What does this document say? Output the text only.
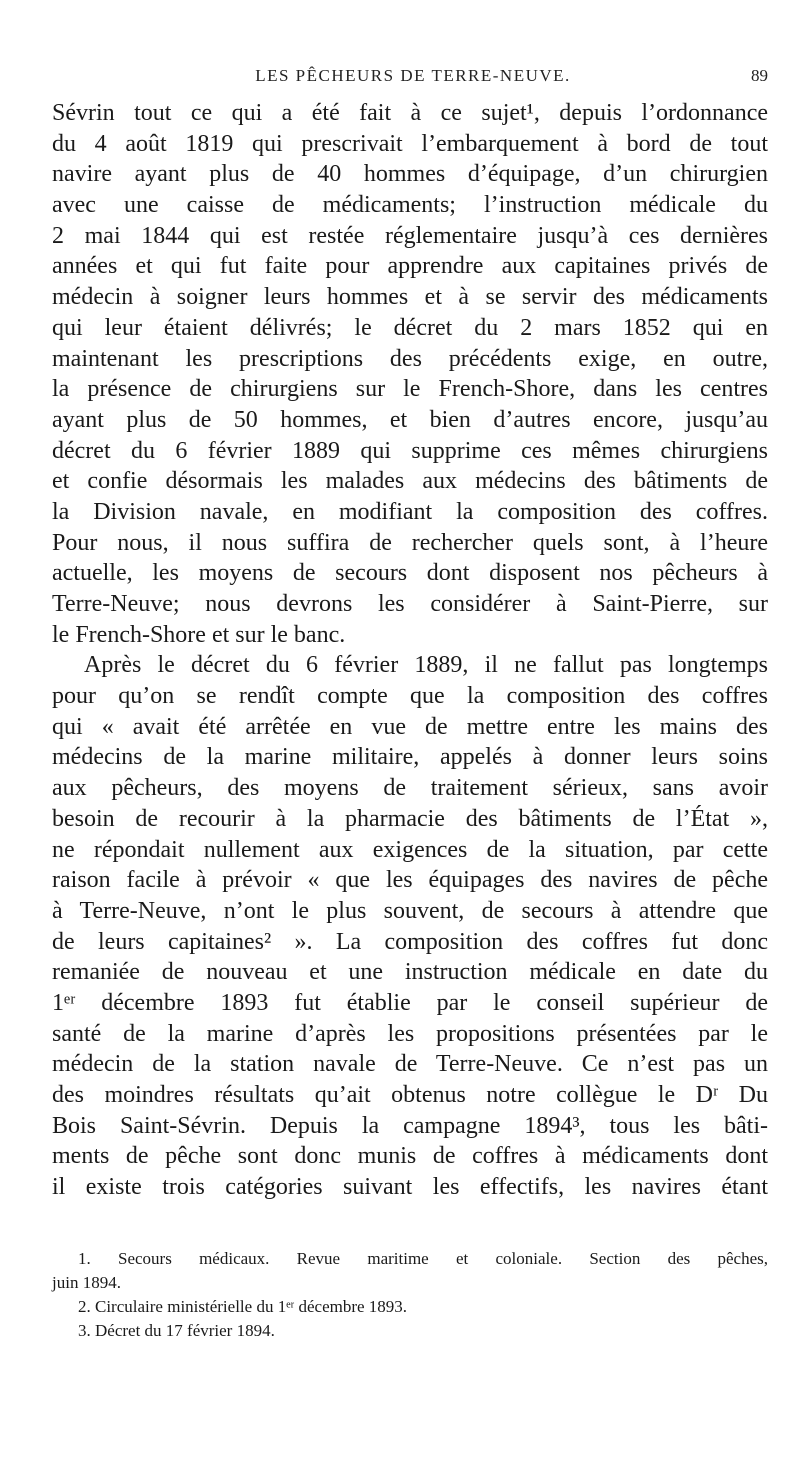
LES PÊCHEURS DE TERRE-NEUVE.	89
Sévrin tout ce qui a été fait à ce sujet¹, depuis l’ordonnance
du 4 août 1819 qui prescrivait l’embarquement à bord de tout
navire ayant plus de 40 hommes d’équipage, d’un chirurgien
avec une caisse de médicaments; l’instruction médicale du
2 mai 1844 qui est restée réglementaire jusqu’à ces dernières
années et qui fut faite pour apprendre aux capitaines privés de
médecin à soigner leurs hommes et à se servir des médicaments
qui leur étaient délivrés; le décret du 2 mars 1852 qui en
maintenant les prescriptions des précédents exige, en outre,
la présence de chirurgiens sur le French-Shore, dans les centres
ayant plus de 50 hommes, et bien d’autres encore, jusqu’au
décret du 6 février 1889 qui supprime ces mêmes chirurgiens
et confie désormais les malades aux médecins des bâtiments de
la Division navale, en modifiant la composition des coffres.
Pour nous, il nous suffira de rechercher quels sont, à l’heure
actuelle, les moyens de secours dont disposent nos pêcheurs à
Terre-Neuve; nous devrons les considérer à Saint-Pierre, sur
le French-Shore et sur le banc.
Après le décret du 6 février 1889, il ne fallut pas longtemps
pour qu’on se rendît compte que la composition des coffres
qui « avait été arrêtée en vue de mettre entre les mains des
médecins de la marine militaire, appelés à donner leurs soins
aux pêcheurs, des moyens de traitement sérieux, sans avoir
besoin de recourir à la pharmacie des bâtiments de l’État »,
ne répondait nullement aux exigences de la situation, par cette
raison facile à prévoir « que les équipages des navires de pêche
à Terre-Neuve, n’ont le plus souvent, de secours à attendre que
de leurs capitaines² ». La composition des coffres fut donc
remaniée de nouveau et une instruction médicale en date du
1ᵉʳ décembre 1893 fut établie par le conseil supérieur de
santé de la marine d’après les propositions présentées par le
médecin de la station navale de Terre-Neuve. Ce n’est pas un
des moindres résultats qu’ait obtenus notre collègue le Dʳ Du
Bois Saint-Sévrin. Depuis la campagne 1894³, tous les bâti-
ments de pêche sont donc munis de coffres à médicaments dont
il existe trois catégories suivant les effectifs, les navires étant
1. Secours médicaux. Revue maritime et coloniale. Section des pêches,
juin 1894.
2. Circulaire ministérielle du 1ᵉʳ décembre 1893.
3. Décret du 17 février 1894.
